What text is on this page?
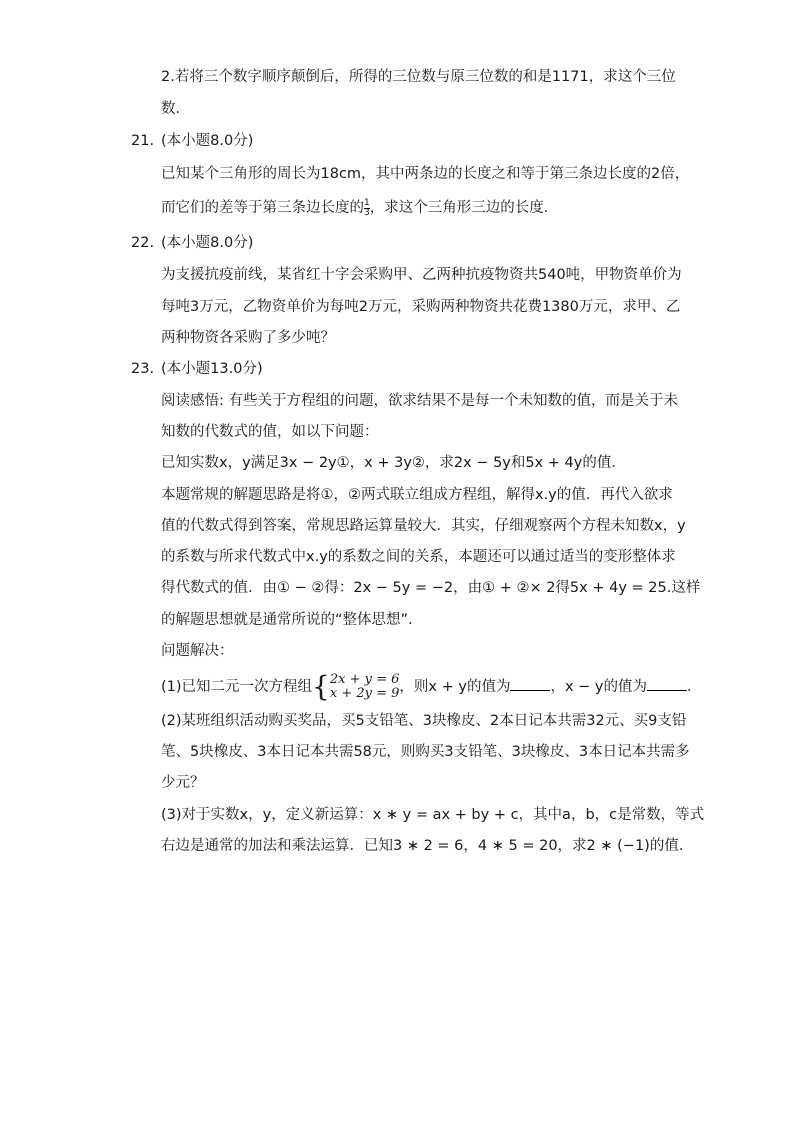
2.若将三个数字顺序颠倒后，所得的三位数与原三位数的和是1171，求这个三位
数．
21. (本小题8.0分)
已知某个三角形的周长为18cm，其中两条边的长度之和等于第三条边长度的2倍，
而它们的差等于第三条边长度的 $\frac{1}{3}$ ，求这个三角形三边的长度．
22. (本小题8.0分)
为支援抗疫前线，某省红十字会采购甲、乙两种抗疫物资共540吨，甲物资单价为
每吨3万元，乙物资单价为每吨2万元，采购两种物资共花费1380万元，求甲、乙
两种物资各采购了多少吨？
23. (本小题13.0分)
阅读感悟: 有些关于方程组的问题，欲求结果不是每一个未知数的值，而是关于未
知数的代数式的值，如以下问题：
已知实数x，y满足3x − 2y①，x + 3y②，求2x − 5y和5x + 4y的值．
本题常规的解题思路是将①，②两式联立组成方程组，解得x.y的值．再代入欲求
值的代数式得到答案，常规思路运算量较大．其实，仔细观察两个方程未知数x，y
的系数与所求代数式中x.y的系数之间的关系，本题还可以通过适当的变形整体求
得代数式的值．由① − ②得：2x − 5y = −2，由① + ②× 2得5x + 4y = 25.这样
的解题思想就是通常所说的“整体思想”．
问题解决：
(1)已知二元一次方程组{ 2x + y = 6
x + 2y = 9 ，则x + y的值为	，x − y的值为	．
(2)某班组织活动购买奖品，买5支铅笔、3块橡皮、2本日记本共需32元、买9支铅
笔、5块橡皮、3本日记本共需58元，则购买3支铅笔、3块橡皮、3本日记本共需多
少元？
(3)对于实数x，y，定义新运算：x ∗ y = ax + by + c，其中a，b，c是常数，等式
右边是通常的加法和乘法运算．已知3 ∗ 2 = 6，4 ∗ 5 = 20，求2 ∗ (−1)的值．
